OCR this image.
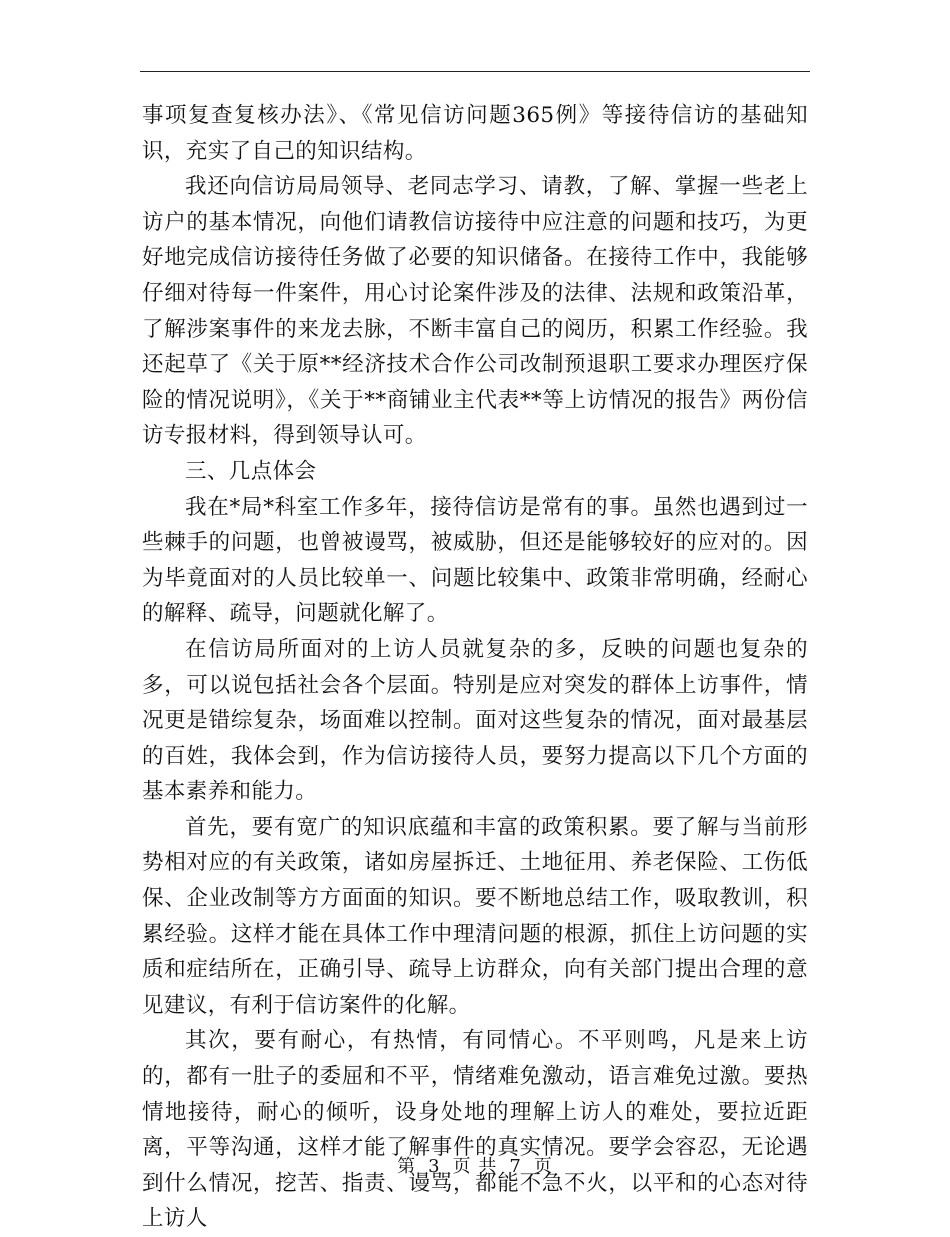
事项复查复核办法》、《常见信访问题365例》等接待信访的基础知识，充实了自己的知识结构。

我还向信访局局领导、老同志学习、请教，了解、掌握一些老上访户的基本情况，向他们请教信访接待中应注意的问题和技巧，为更好地完成信访接待任务做了必要的知识储备。在接待工作中，我能够仔细对待每一件案件，用心讨论案件涉及的法律、法规和政策沿革，了解涉案事件的来龙去脉，不断丰富自己的阅历，积累工作经验。我还起草了《关于原**经济技术合作公司改制预退职工要求办理医疗保险的情况说明》，《关于**商铺业主代表**等上访情况的报告》两份信访专报材料，得到领导认可。

三、几点体会

我在*局*科室工作多年，接待信访是常有的事。虽然也遇到过一些棘手的问题，也曾被谩骂，被威胁，但还是能够较好的应对的。因为毕竟面对的人员比较单一、问题比较集中、政策非常明确，经耐心的解释、疏导，问题就化解了。

在信访局所面对的上访人员就复杂的多，反映的问题也复杂的多，可以说包括社会各个层面。特别是应对突发的群体上访事件，情况更是错综复杂，场面难以控制。面对这些复杂的情况，面对最基层的百姓，我体会到，作为信访接待人员，要努力提高以下几个方面的基本素养和能力。

首先，要有宽广的知识底蕴和丰富的政策积累。要了解与当前形势相对应的有关政策，诸如房屋拆迁、土地征用、养老保险、工伤低保、企业改制等方方面面的知识。要不断地总结工作，吸取教训，积累经验。这样才能在具体工作中理清问题的根源，抓住上访问题的实质和症结所在，正确引导、疏导上访群众，向有关部门提出合理的意见建议，有利于信访案件的化解。

其次，要有耐心，有热情，有同情心。不平则鸣，凡是来上访的，都有一肚子的委屈和不平，情绪难免激动，语言难免过激。要热情地接待，耐心的倾听，设身处地的理解上访人的难处，要拉近距离，平等沟通，这样才能了解事件的真实情况。要学会容忍，无论遇到什么情况，挖苦、指责、谩骂，都能不急不火，以平和的心态对待上访人

第 3 页 共 7 页
